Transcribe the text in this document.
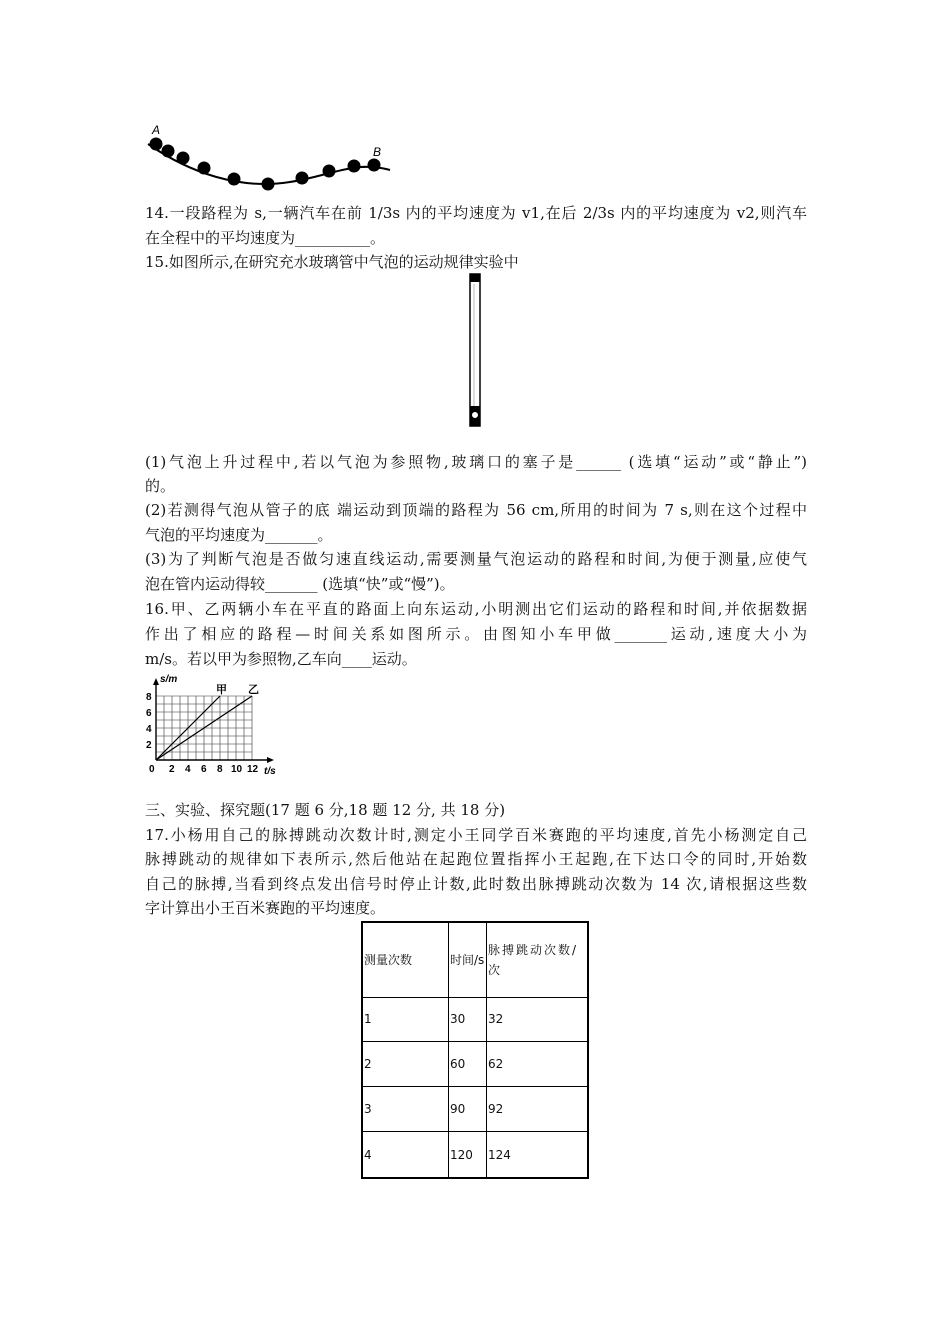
A
B
14.一段路程为 s,一辆汽车在前 1/3s 内的平均速度为 v1,在后 2/3s 内的平均速度为 v2,则汽车
在全程中的平均速度为__________。
15.如图所示,在研究充水玻璃管中气泡的运动规律实验中
(1)气泡上升过程中,若以气泡为参照物,玻璃口的塞子是______ (选填“运动”或“静止”)
的。
(2)若测得气泡从管子的底 端运动到顶端的路程为 56 cm,所用的时间为 7 s,则在这个过程中
气泡的平均速度为_______。
(3)为了判断气泡是否做匀速直线运动,需要测量气泡运动的路程和时间,为便于测量,应使气
泡在管内运动得较_______ (选填“快”或“慢”)。
16.甲、乙两辆小车在平直的路面上向东运动,小明测出它们运动的路程和时间,并依据数据
作出了相应的路程—时间关系如图所示。由图知小车甲做_______运动,速度大小为
m/s。若以甲为参照物,乙车向____运动。
甲 乙
0 2 4 6 8 10 12
2
4
6
8
t/s
s/m
三、实验、探究题(17 题 6 分,18 题 12 分, 共 18 分)
17.小杨用自己的脉搏跳动次数计时,测定小王同学百米赛跑的平均速度,首先小杨测定自己
脉搏跳动的规律如下表所示,然后他站在起跑位置指挥小王起跑,在下达口令的同时,开始数
自己的脉搏,当看到终点发出信号时停止计数,此时数出脉搏跳动次数为 14 次,请根据这些数
字计算出小王百米赛跑的平均速度。
测量次数	时间/s	脉搏跳动次数/次
1	30	32
2	60	62
3	90	92
4	120	124
